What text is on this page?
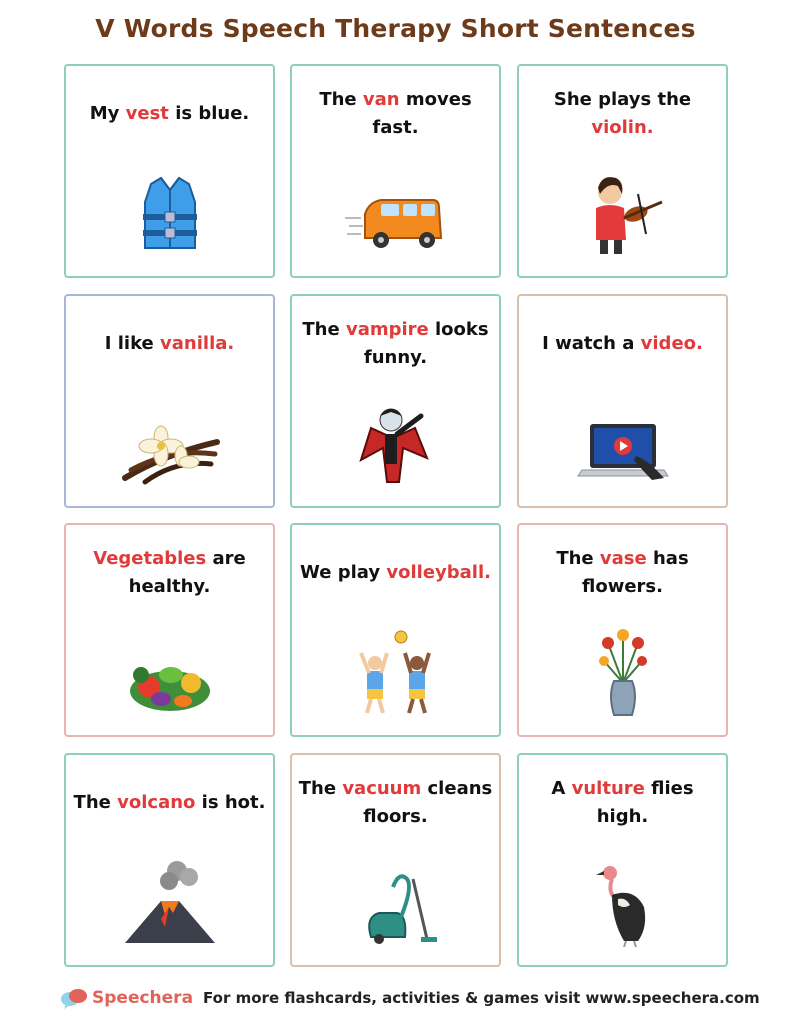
V Words Speech Therapy Short Sentences
My vest is blue.
The van moves fast.
She plays the violin.
I like vanilla.
The vampire looks funny.
I watch a video.
Vegetables are healthy.
We play volleyball.
The vase has flowers.
The volcano is hot.
The vacuum cleans floors.
A vulture flies high.
Speechera For more flashcards, activities & games visit www.speechera.com
